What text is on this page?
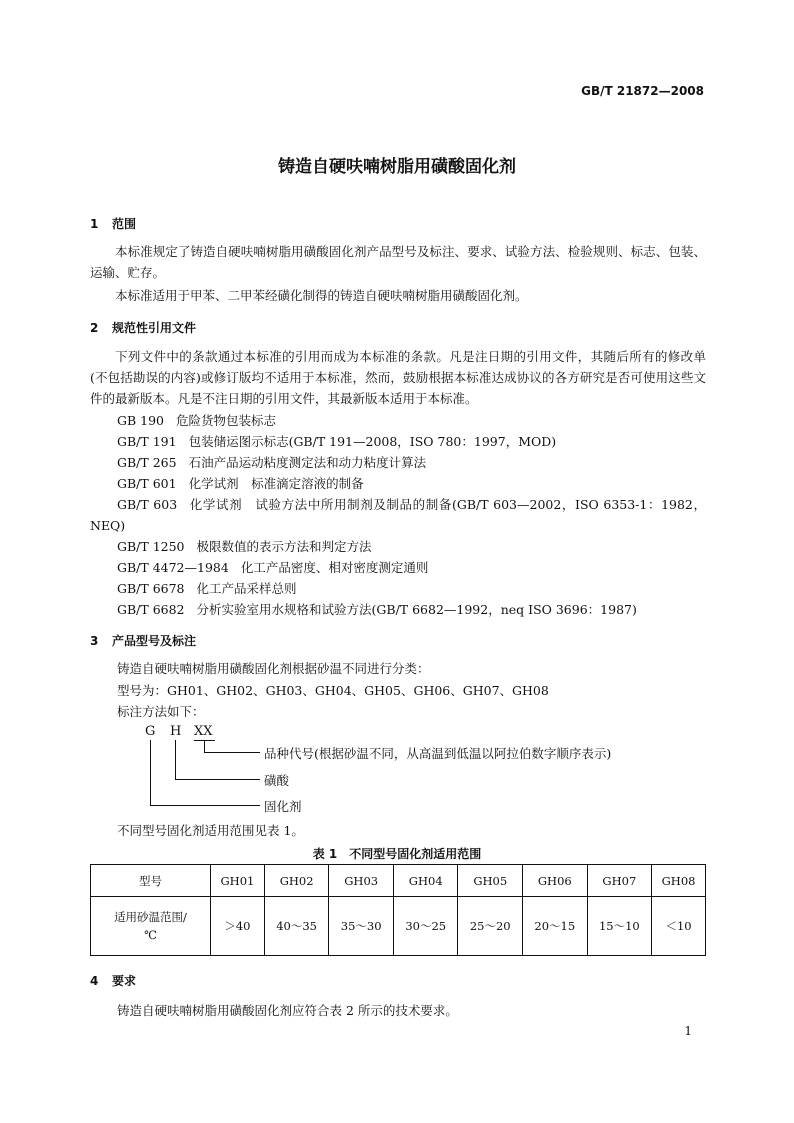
GB/T 21872—2008
铸造自硬呋喃树脂用磺酸固化剂
1 范围
本标准规定了铸造自硬呋喃树脂用磺酸固化剂产品型号及标注、要求、试验方法、检验规则、标志、包装、运输、贮存。
本标准适用于甲苯、二甲苯经磺化制得的铸造自硬呋喃树脂用磺酸固化剂。
2 规范性引用文件
下列文件中的条款通过本标准的引用而成为本标准的条款。凡是注日期的引用文件，其随后所有的修改单(不包括勘误的内容)或修订版均不适用于本标准，然而，鼓励根据本标准达成协议的各方研究是否可使用这些文件的最新版本。凡是不注日期的引用文件，其最新版本适用于本标准。
GB 190 危险货物包装标志
GB/T 191 包装储运图示标志(GB/T 191—2008，ISO 780：1997，MOD)
GB/T 265 石油产品运动粘度测定法和动力粘度计算法
GB/T 601 化学试剂　标准滴定溶液的制备
GB/T 603 化学试剂　试验方法中所用制剂及制品的制备(GB/T 603—2002，ISO 6353-1：1982，NEQ)
GB/T 1250 极限数值的表示方法和判定方法
GB/T 4472—1984 化工产品密度、相对密度测定通则
GB/T 6678 化工产品采样总则
GB/T 6682 分析实验室用水规格和试验方法(GB/T 6682—1992，neq ISO 3696：1987)
3 产品型号及标注
铸造自硬呋喃树脂用磺酸固化剂根据砂温不同进行分类：
型号为：GH01、GH02、GH03、GH04、GH05、GH06、GH07、GH08
标注方法如下：
G H XX
品种代号(根据砂温不同，从高温到低温以阿拉伯数字顺序表示)
磺酸
固化剂
不同型号固化剂适用范围见表 1。
表 1　不同型号固化剂适用范围
型号	GH01	GH02	GH03	GH04	GH05	GH06	GH07	GH08
适用砂温范围/
℃	＞40	40～35	35～30	30～25	25～20	20～15	15～10	＜10
4 要求
铸造自硬呋喃树脂用磺酸固化剂应符合表 2 所示的技术要求。
1
